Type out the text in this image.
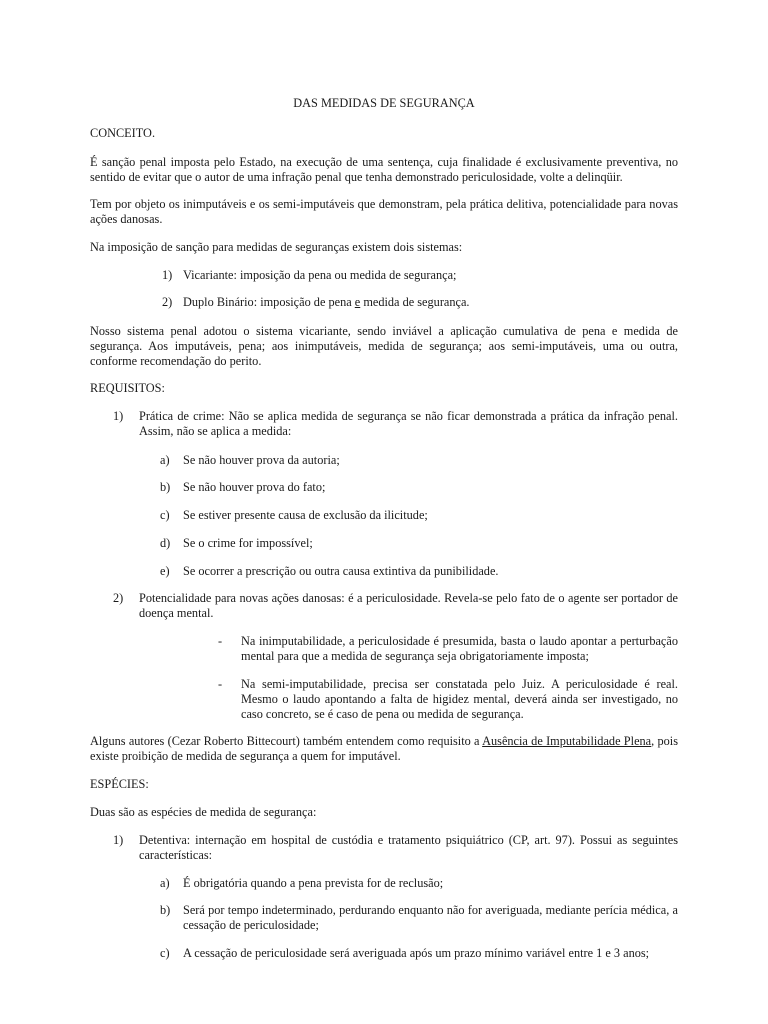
DAS MEDIDAS DE SEGURANÇA

CONCEITO.

É sanção penal imposta pelo Estado, na execução de uma sentença, cuja finalidade é exclusivamente preventiva, no sentido de evitar que o autor de uma infração penal que tenha demonstrado periculosidade, volte a delinqüir.

Tem por objeto os inimputáveis e os semi-imputáveis que demonstram, pela prática delitiva, potencialidade para novas ações danosas.

Na imposição de sanção para medidas de seguranças existem dois sistemas:

1) Vicariante: imposição da pena ou medida de segurança;
2) Duplo Binário: imposição de pena e medida de segurança.

Nosso sistema penal adotou o sistema vicariante, sendo inviável a aplicação cumulativa de pena e medida de segurança. Aos imputáveis, pena; aos inimputáveis, medida de segurança; aos semi-imputáveis, uma ou outra, conforme recomendação do perito.

REQUISITOS:

1) Prática de crime: Não se aplica medida de segurança se não ficar demonstrada a prática da infração penal. Assim, não se aplica a medida:

a) Se não houver prova da autoria;

b) Se não houver prova do fato;

c) Se estiver presente causa de exclusão da ilicitude;

d) Se o crime for impossível;

e) Se ocorrer a prescrição ou outra causa extintiva da punibilidade.

2) Potencialidade para novas ações danosas: é a periculosidade. Revela-se pelo fato de o agente ser portador de doença mental.

- Na inimputabilidade, a periculosidade é presumida, basta o laudo apontar a perturbação mental para que a medida de segurança seja obrigatoriamente imposta;

- Na semi-imputabilidade, precisa ser constatada pelo Juiz. A periculosidade é real. Mesmo o laudo apontando a falta de higidez mental, deverá ainda ser investigado, no caso concreto, se é caso de pena ou medida de segurança.

Alguns autores (Cezar Roberto Bittecourt) também entendem como requisito a Ausência de Imputabilidade Plena, pois existe proibição de medida de segurança a quem for imputável.

ESPÉCIES:

Duas são as espécies de medida de segurança:

1) Detentiva: internação em hospital de custódia e tratamento psiquiátrico (CP, art. 97). Possui as seguintes características:

a) É obrigatória quando a pena prevista for de reclusão;

b) Será por tempo indeterminado, perdurando enquanto não for averiguada, mediante perícia médica, a cessação de periculosidade;

c) A cessação de periculosidade será averiguada após um prazo mínimo variável entre 1 e 3 anos;
